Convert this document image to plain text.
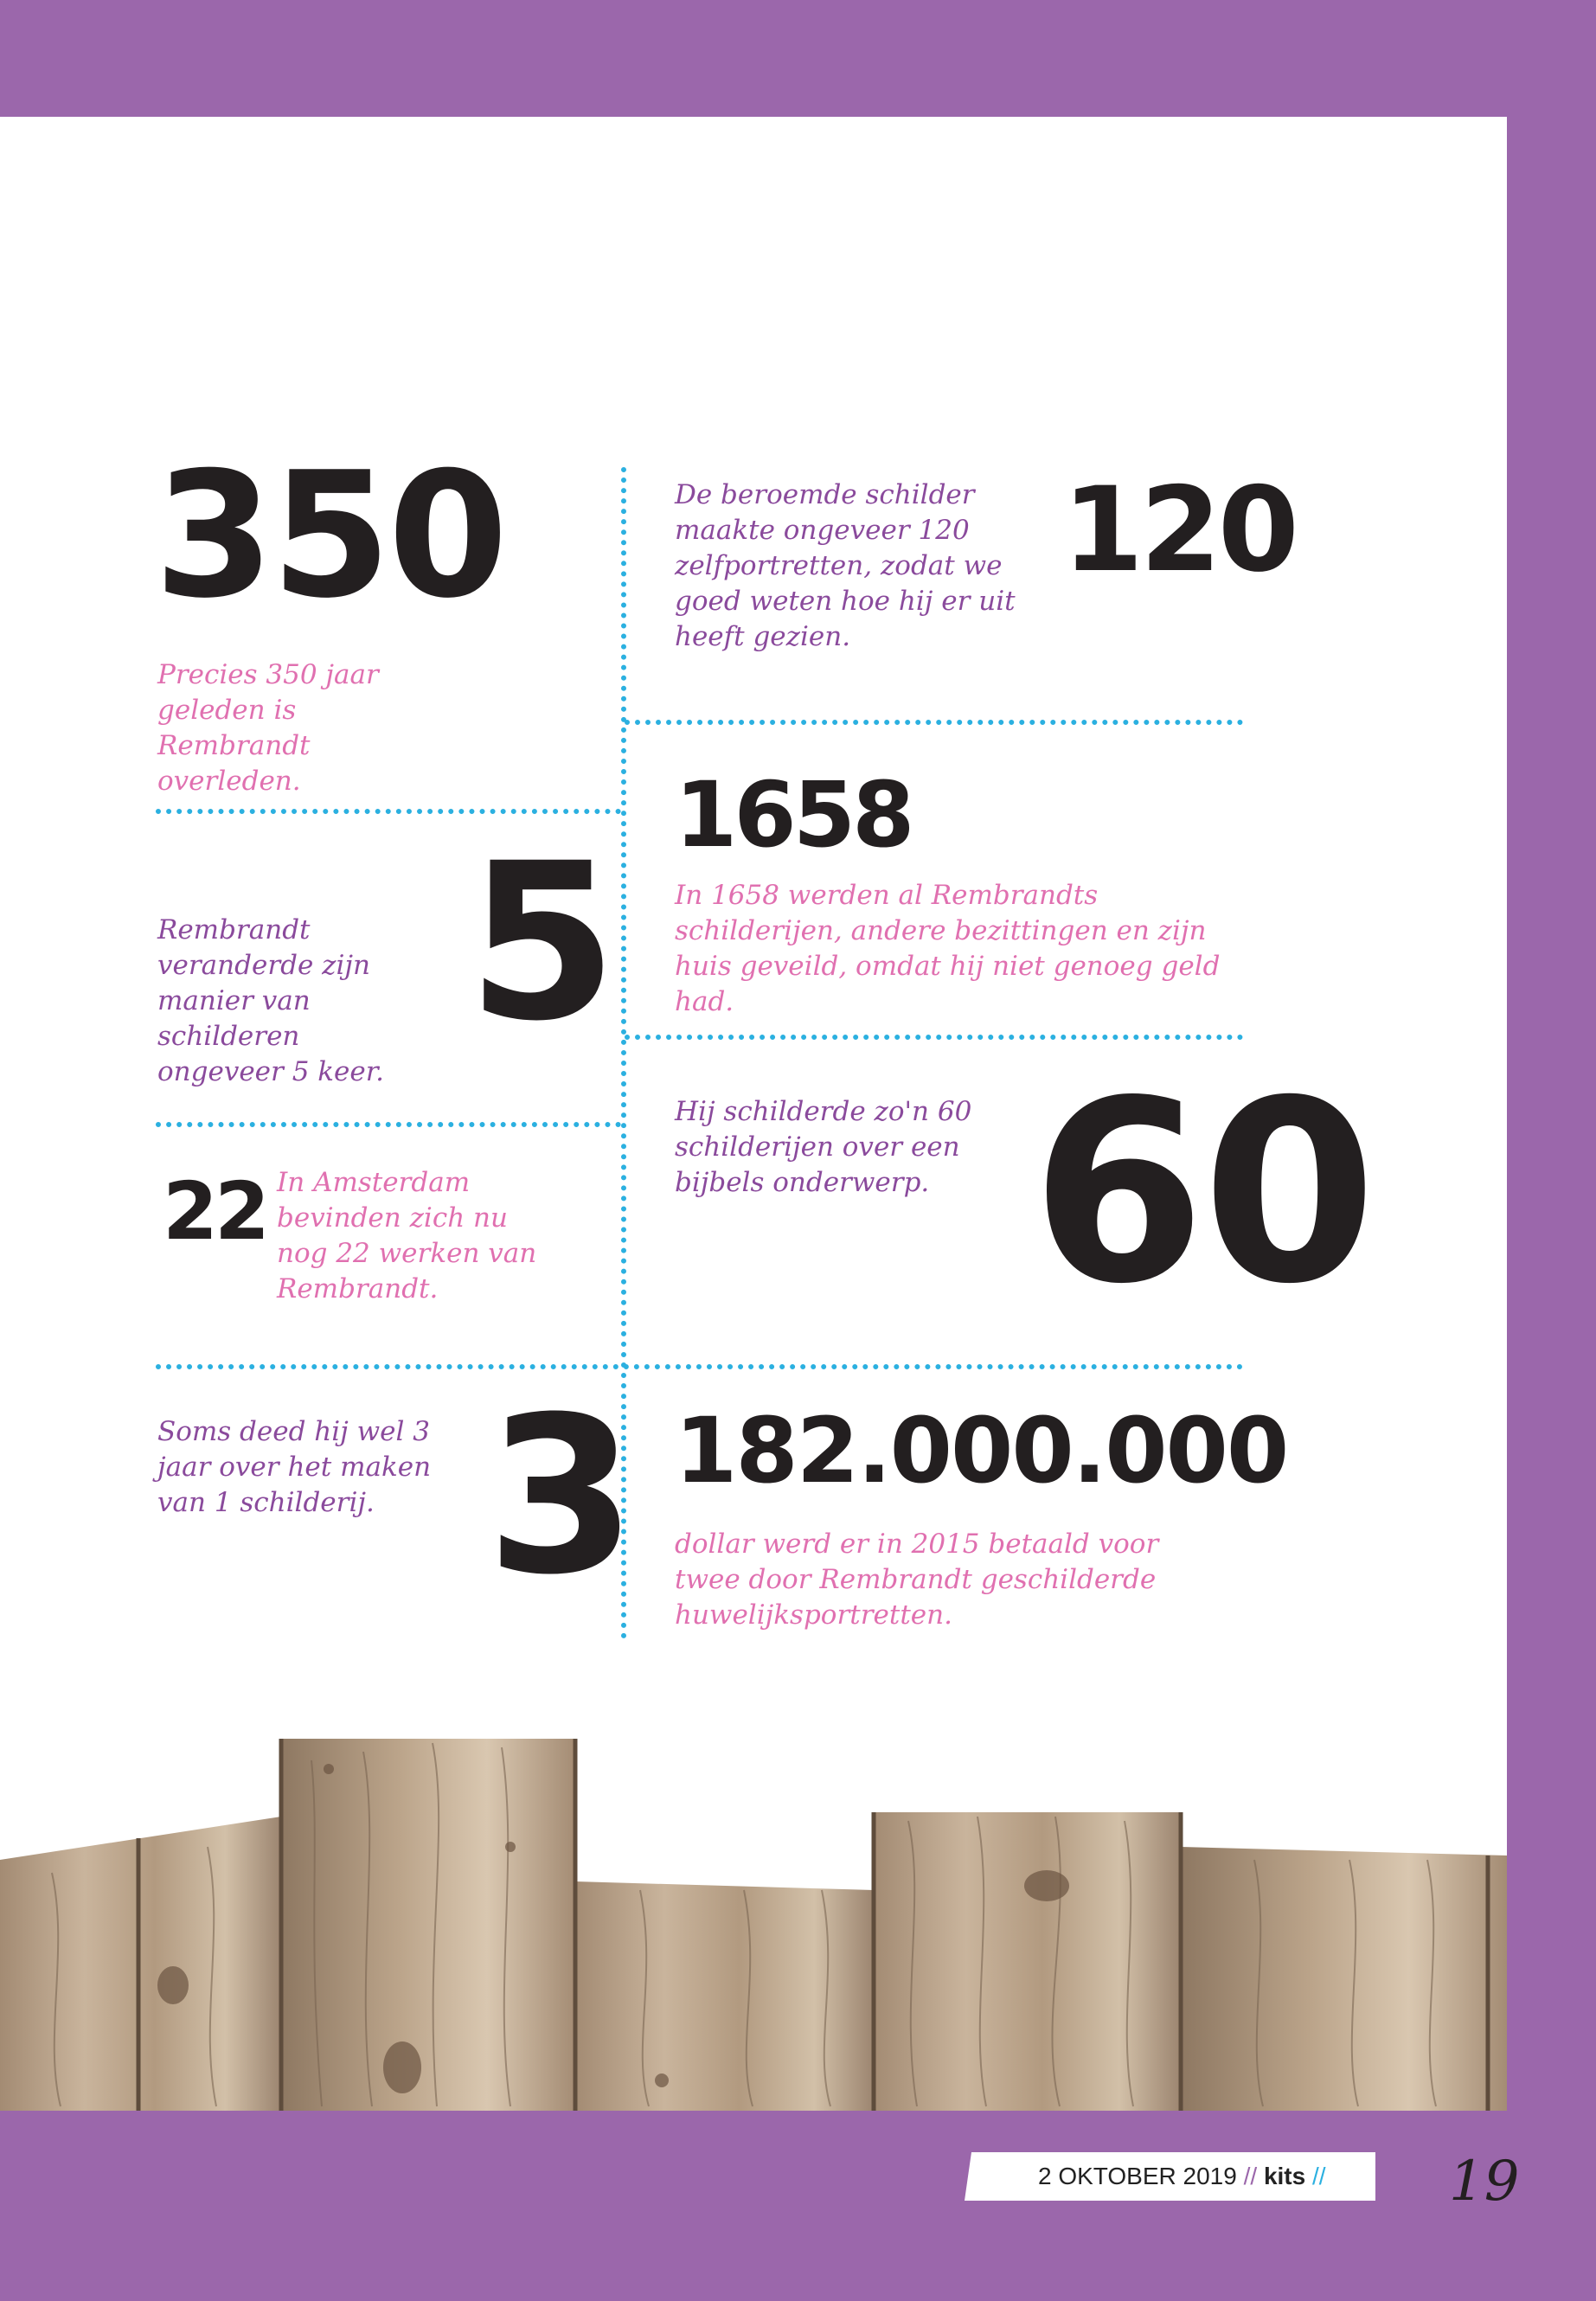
350
Precies 350 jaar geleden is Rembrandt overleden.
De beroemde schilder maakte ongeveer 120 zelfportretten, zodat we goed weten hoe hij er uit heeft gezien.
120
1658
In 1658 werden al Rembrandts schilderijen, andere bezittingen en zijn huis geveild, omdat hij niet genoeg geld had.
Rembrandt veranderde zijn manier van schilderen ongeveer 5 keer.
5
22 In Amsterdam bevinden zich nu nog 22 werken van Rembrandt.
Hij schilderde zo'n 60 schilderijen over een bijbels onderwerp. 60
Soms deed hij wel 3 jaar over het maken van 1 schilderij. 3 182.000.000
dollar werd er in 2015 betaald voor twee door Rembrandt geschilderde huwelijksportretten.
2 OKTOBER 2019 // kits // 19
